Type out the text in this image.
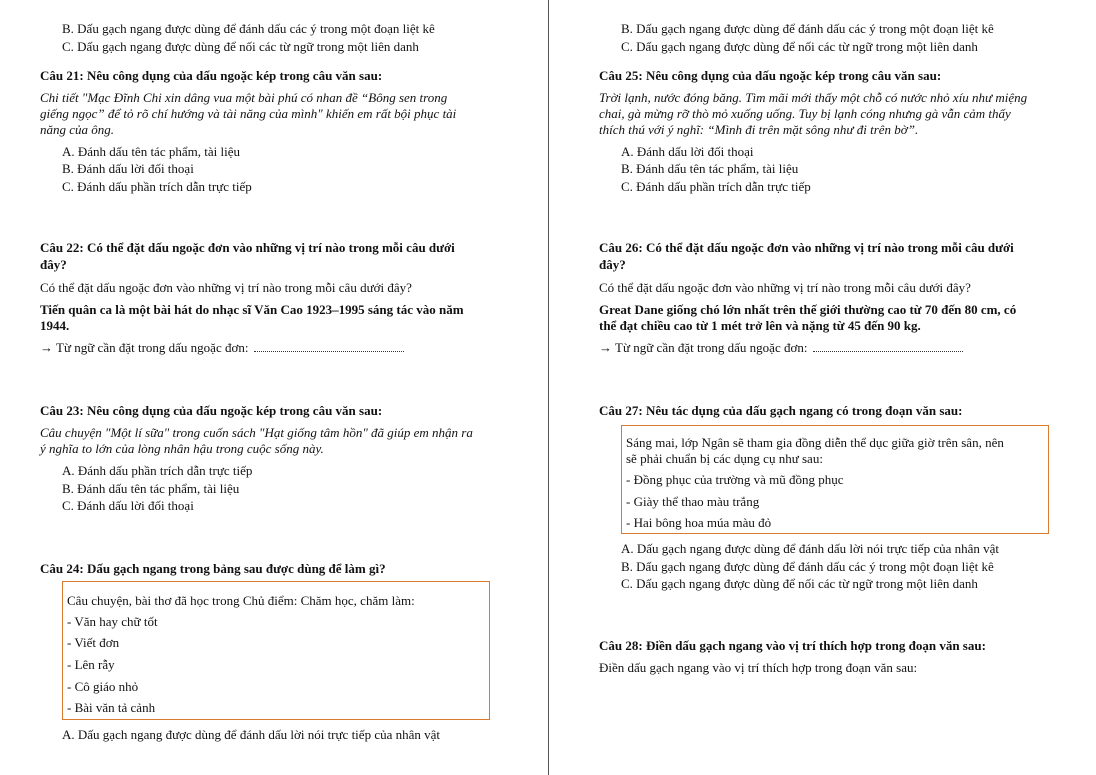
B. Dấu gạch ngang được dùng để đánh dấu các ý trong một đoạn liệt kê
C. Dấu gạch ngang được dùng để nối các từ ngữ trong một liên danh
Câu 21: Nêu công dụng của dấu ngoặc kép trong câu văn sau:
Chi tiết "Mạc Đĩnh Chi xin dâng vua một bài phú có nhan đề “Bông sen trong
giếng ngọc” để tỏ rõ chí hướng và tài năng của mình" khiến em rất bội phục tài
năng của ông.
A. Đánh dấu tên tác phẩm, tài liệu
B. Đánh dấu lời đối thoại
C. Đánh dấu phần trích dẫn trực tiếp
Câu 22: Có thể đặt dấu ngoặc đơn vào những vị trí nào trong mỗi câu dưới
đây?
Có thể đặt dấu ngoặc đơn vào những vị trí nào trong mỗi câu dưới đây?
Tiến quân ca là một bài hát do nhạc sĩ Văn Cao 1923–1995 sáng tác vào năm
1944.
→ Từ ngữ cần đặt trong dấu ngoặc đơn:
Câu 23: Nêu công dụng của dấu ngoặc kép trong câu văn sau:
Câu chuyện "Một lí sữa" trong cuốn sách "Hạt giống tâm hồn" đã giúp em nhận ra
ý nghĩa to lớn của lòng nhân hậu trong cuộc sống này.
A. Đánh dấu phần trích dẫn trực tiếp
B. Đánh dấu tên tác phẩm, tài liệu
C. Đánh dấu lời đối thoại
Câu 24: Dấu gạch ngang trong bảng sau được dùng để làm gì?
Câu chuyện, bài thơ đã học trong Chủ điểm: Chăm học, chăm làm:
- Văn hay chữ tốt
- Viết đơn
- Lên rẫy
- Cô giáo nhỏ
- Bài văn tả cảnh
A. Dấu gạch ngang được dùng để đánh dấu lời nói trực tiếp của nhân vật
B. Dấu gạch ngang được dùng để đánh dấu các ý trong một đoạn liệt kê
C. Dấu gạch ngang được dùng để nối các từ ngữ trong một liên danh
Câu 25: Nêu công dụng của dấu ngoặc kép trong câu văn sau:
Trời lạnh, nước đóng băng. Tìm mãi mới thấy một chỗ có nước nhỏ xíu như miệng
chai, gà mừng rỡ thò mỏ xuống uống. Tuy bị lạnh cóng nhưng gà vẫn cảm thấy
thích thú với ý nghĩ: “Mình đi trên mặt sông như đi trên bờ”.
A. Đánh dấu lời đối thoại
B. Đánh dấu tên tác phẩm, tài liệu
C. Đánh dấu phần trích dẫn trực tiếp
Câu 26: Có thể đặt dấu ngoặc đơn vào những vị trí nào trong mỗi câu dưới
đây?
Có thể đặt dấu ngoặc đơn vào những vị trí nào trong mỗi câu dưới đây?
Great Dane giống chó lớn nhất trên thế giới thường cao từ 70 đến 80 cm, có
thể đạt chiều cao từ 1 mét trở lên và nặng từ 45 đến 90 kg.
→ Từ ngữ cần đặt trong dấu ngoặc đơn:
Câu 27: Nêu tác dụng của dấu gạch ngang có trong đoạn văn sau:
Sáng mai, lớp Ngân sẽ tham gia đồng diễn thể dục giữa giờ trên sân, nên
sẽ phải chuẩn bị các dụng cụ như sau:
- Đồng phục của trường và mũ đồng phục
- Giày thể thao màu trắng
- Hai bông hoa múa màu đỏ
A. Dấu gạch ngang được dùng để đánh dấu lời nói trực tiếp của nhân vật
B. Dấu gạch ngang được dùng để đánh dấu các ý trong một đoạn liệt kê
C. Dấu gạch ngang được dùng để nối các từ ngữ trong một liên danh
Câu 28: Điền dấu gạch ngang vào vị trí thích hợp trong đoạn văn sau:
Điền dấu gạch ngang vào vị trí thích hợp trong đoạn văn sau:
